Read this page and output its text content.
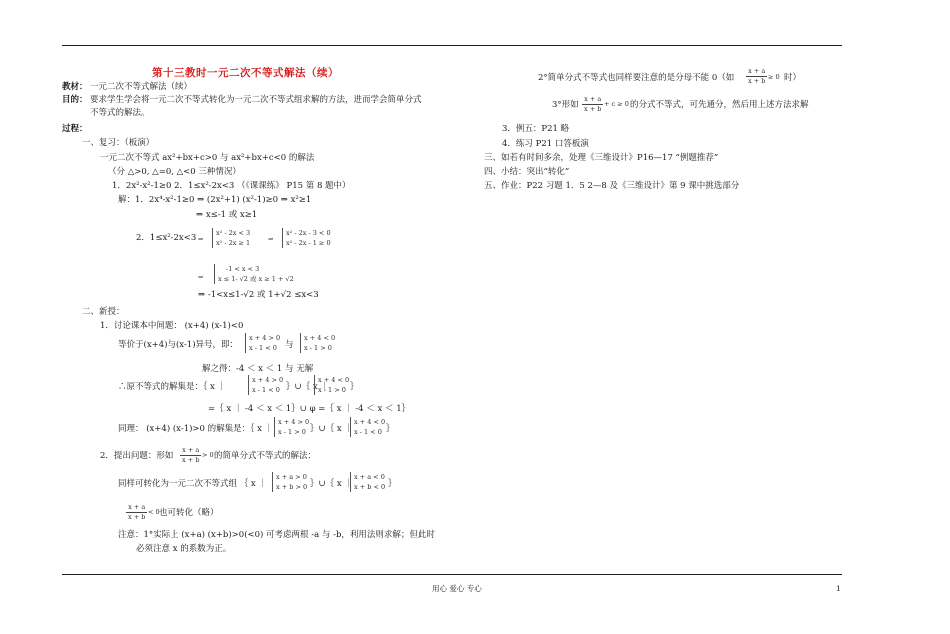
第十三教时一元二次不等式解法（续）
教材： 一元二次不等式解法（续）
目的： 要求学生学会将一元二次不等式转化为一元二次不等式组求解的方法，进而学会简单分式
不等式的解法。
过程：
一、复习：（板演）
一元二次不等式 ax²+bx+c>0 与 ax²+bx+c<0 的解法
（分 △>0, △=0, △<0 三种情况）
1．2x²-x²-1≥0 2．1≤x²-2x<3 （《课课练》 P15 第 8 题中）
解：1．2x⁴-x²-1≥0 ⇒ (2x²+1) (x²-1)≥0 ⇒ x²≥1
⇒ x≤-1 或 x≥1
2．1≤x²-2x<3 ⇒
x² - 2x < 3
x² - 2x ≥ 1	⇒
x² - 2x - 3 < 0
x² - 2x - 1 ≥ 0
⇒
-1 < x < 3
x ≤ 1- √2 或 x ≥ 1 + √2
⇒ -1<x≤1-√2 或 1+√2 ≤x<3
二、新授：
1．讨论课本中间题： (x+4) (x-1)<0
等价于(x+4)与(x-1)异号，即：
x + 4 > 0
x - 1 < 0 与
x + 4 < 0
x - 1 > 0
解之得：-4 ＜ x ＜ 1 与 无解
∴原不等式的解集是：｛ x ｜
x + 4 > 0
x - 1 < 0 ｝∪｛ x ｜
x + 4 < 0
x - 1 > 0 ｝
=｛ x ｜ -4 ＜ x ＜ 1｝∪ φ =｛ x ｜ -4 ＜ x ＜ 1｝
同理： (x+4) (x-1)>0 的解集是：｛ x ｜
x + 4 > 0
x - 1 > 0 ｝∪｛ x ｜
x + 4 < 0
x - 1 < 0 ｝
2．提出问题：形如 $\frac{x + a}{x + b} > 0$ 的简单分式不等式的解法：
同样可转化为一元二次不等式组 ｛ x ｜
x + a > 0
x + b > 0 ｝∪｛ x ｜
x + a < 0
x + b < 0 ｝
$\frac{x + a}{x + b} < 0$ 也可转化（略）
注意：1°实际上 (x+a) (x+b)>0(<0) 可考虑两根 -a 与 -b，利用法则求解；但此时
必须注意 x 的系数为正。
2°简单分式不等式也同样要注意的是分母不能 0（如 $\frac{x + a}{x + b} \ge 0$ 时）
3°形如 $\frac{x + a}{x + b} + c \ge 0$ 的分式不等式，可先通分，然后用上述方法求解
3．例五：P21 略
4．练习 P21 口答板演
三、如若有时间多余，处理《三维设计》P16—17 “例题推荐”
四、小结：突出“转化”
五、作业：P22 习题 1．5 2—8 及《三维设计》第 9 课中挑选部分
用心 爱心 专心	1
